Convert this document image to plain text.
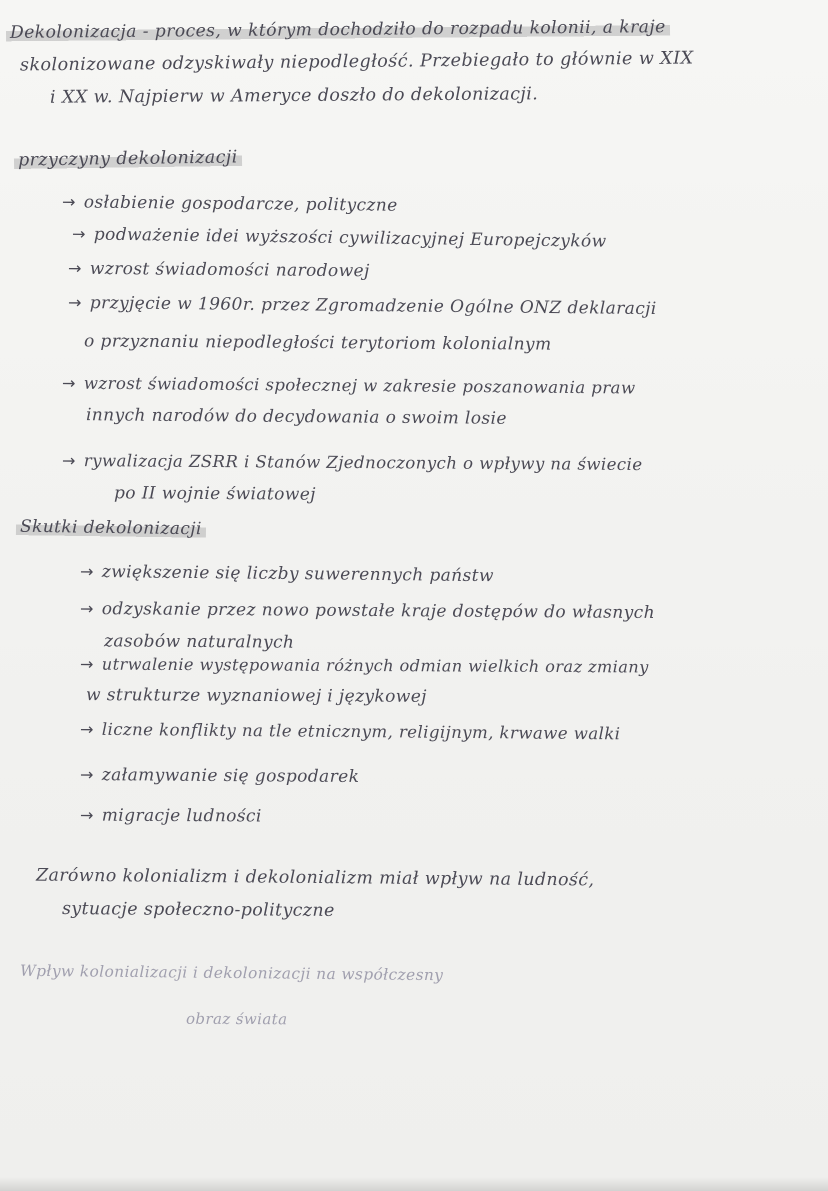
Dekolonizacja - proces, w którym dochodziło do rozpadu kolonii, a kraje
skolonizowane odzyskiwały niepodległość. Przebiegało to głównie w XIX
i XX w. Najpierw w Ameryce doszło do dekolonizacji.
przyczyny dekolonizacji
→ osłabienie gospodarcze, polityczne
→ podważenie idei wyższości cywilizacyjnej Europejczyków
→ wzrost świadomości narodowej
→ przyjęcie w 1960r. przez Zgromadzenie Ogólne ONZ deklaracji
o przyznaniu niepodległości terytoriom kolonialnym
→ wzrost świadomości społecznej w zakresie poszanowania praw
innych narodów do decydowania o swoim losie
→ rywalizacja ZSRR i Stanów Zjednoczonych o wpływy na świecie
po II wojnie światowej
Skutki dekolonizacji
→ zwiększenie się liczby suwerennych państw
→ odzyskanie przez nowo powstałe kraje dostępów do własnych
zasobów naturalnych
→ utrwalenie występowania różnych odmian wielkich oraz zmiany
w strukturze wyznaniowej i językowej
→ liczne konflikty na tle etnicznym, religijnym, krwawe walki
→ załamywanie się gospodarek
→ migracje ludności
Zarówno kolonializm i dekolonializm miał wpływ na ludność,
sytuacje społeczno-polityczne
Wpływ kolonializacji i dekolonizacji na współczesny
obraz świata
